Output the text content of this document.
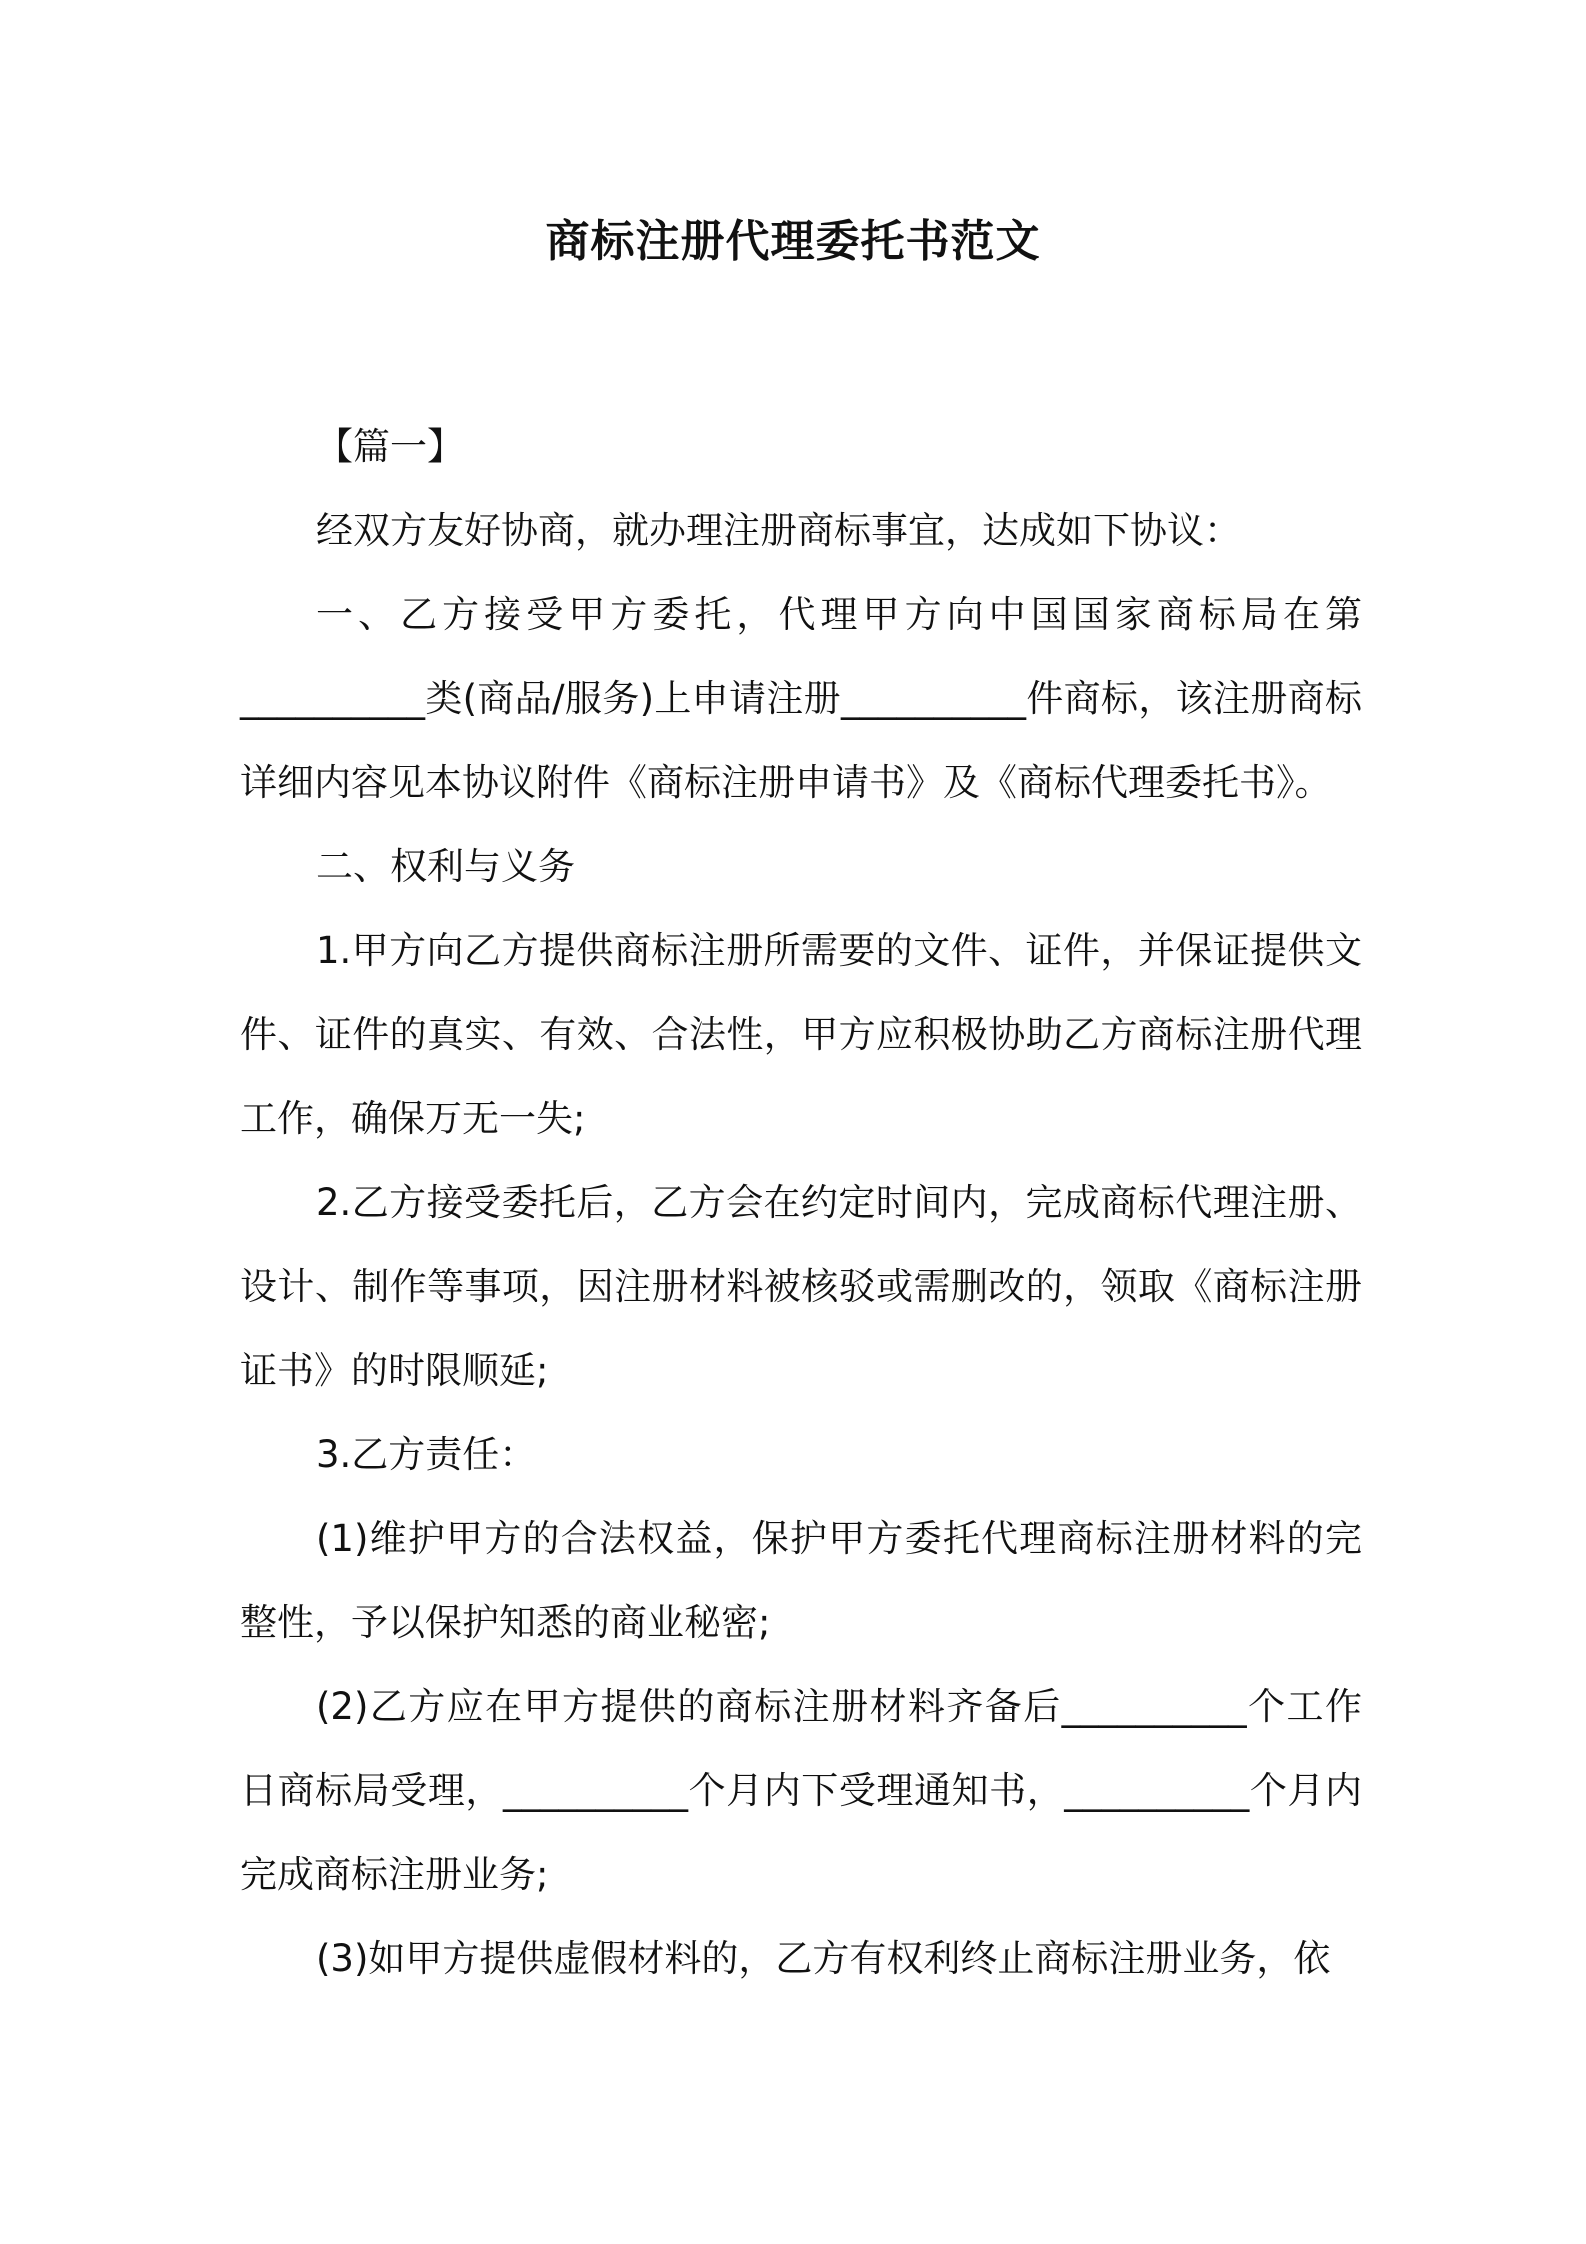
商标注册代理委托书范文

【篇一】

经双方友好协商，就办理注册商标事宜，达成如下协议：

一、乙方接受甲方委托，代理甲方向中国国家商标局在第__________类(商品/服务)上申请注册__________件商标，该注册商标详细内容见本协议附件《商标注册申请书》及《商标代理委托书》。

二、权利与义务

1.甲方向乙方提供商标注册所需要的文件、证件，并保证提供文件、证件的真实、有效、合法性，甲方应积极协助乙方商标注册代理工作，确保万无一失;

2.乙方接受委托后，乙方会在约定时间内，完成商标代理注册、设计、制作等事项，因注册材料被核驳或需删改的，领取《商标注册证书》的时限顺延;

3.乙方责任：

(1)维护甲方的合法权益，保护甲方委托代理商标注册材料的完整性，予以保护知悉的商业秘密;

(2)乙方应在甲方提供的商标注册材料齐备后__________个工作日商标局受理，__________个月内下受理通知书，__________个月内完成商标注册业务;

(3)如甲方提供虚假材料的，乙方有权利终止商标注册业务，依
